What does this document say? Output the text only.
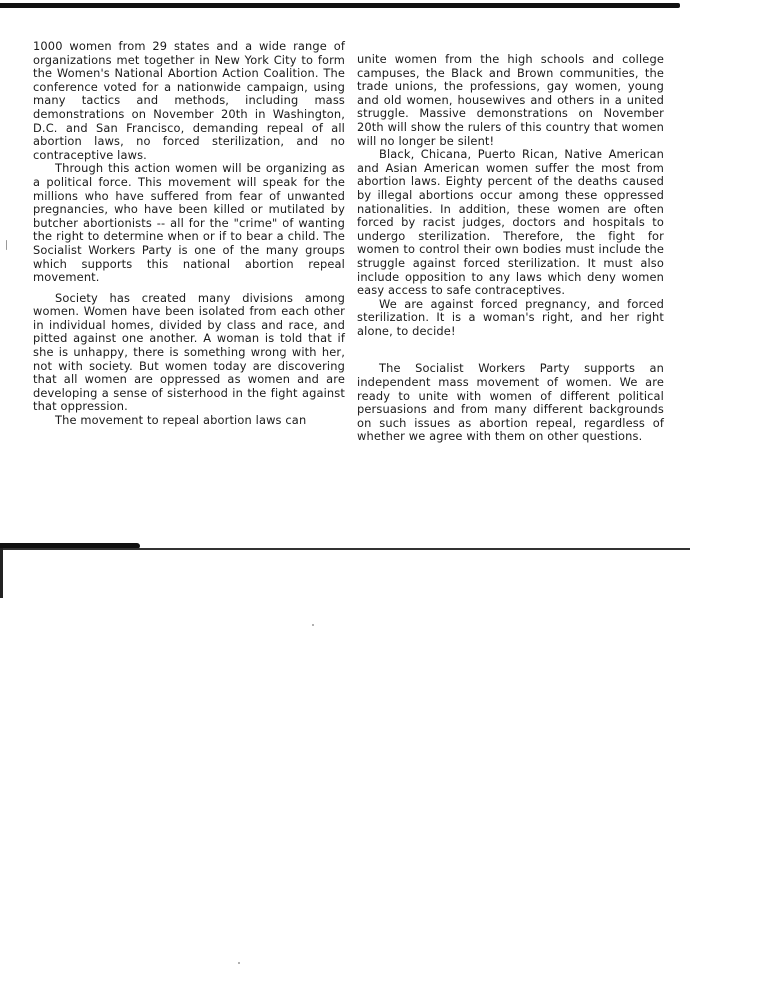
1000 women from 29 states and a wide range of organizations met together in New York City to form the Women's National Abortion Action Coalition. The conference voted for a nationwide campaign, using many tactics and methods, including mass demonstrations on November 20th in Washington, D.C. and San Francisco, demanding repeal of all abortion laws, no forced sterilization, and no contraceptive laws.

Through this action women will be organizing as a political force. This movement will speak for the millions who have suffered from fear of unwanted pregnancies, who have been killed or mutilated by butcher abortionists -- all for the "crime" of wanting the right to determine when or if to bear a child. The Socialist Workers Party is one of the many groups which supports this national abortion repeal movement.

Society has created many divisions among women. Women have been isolated from each other in individual homes, divided by class and race, and pitted against one another. A woman is told that if she is unhappy, there is something wrong with her, not with society. But women today are discovering that all women are oppressed as women and are developing a sense of sisterhood in the fight against that oppression.

The movement to repeal abortion laws can

unite women from the high schools and college campuses, the Black and Brown communities, the trade unions, the professions, gay women, young and old women, housewives and others in a united struggle. Massive demonstrations on November 20th will show the rulers of this country that women will no longer be silent!

Black, Chicana, Puerto Rican, Native American and Asian American women suffer the most from abortion laws. Eighty percent of the deaths caused by illegal abortions occur among these oppressed nationalities. In addition, these women are often forced by racist judges, doctors and hospitals to undergo sterilization. Therefore, the fight for women to control their own bodies must include the struggle against forced sterilization. It must also include opposition to any laws which deny women easy access to safe contraceptives.

We are against forced pregnancy, and forced sterilization. It is a woman's right, and her right alone, to decide!

The Socialist Workers Party supports an independent mass movement of women. We are ready to unite with women of different political persuasions and from many different backgrounds on such issues as abortion repeal, regardless of whether we agree with them on other questions.
